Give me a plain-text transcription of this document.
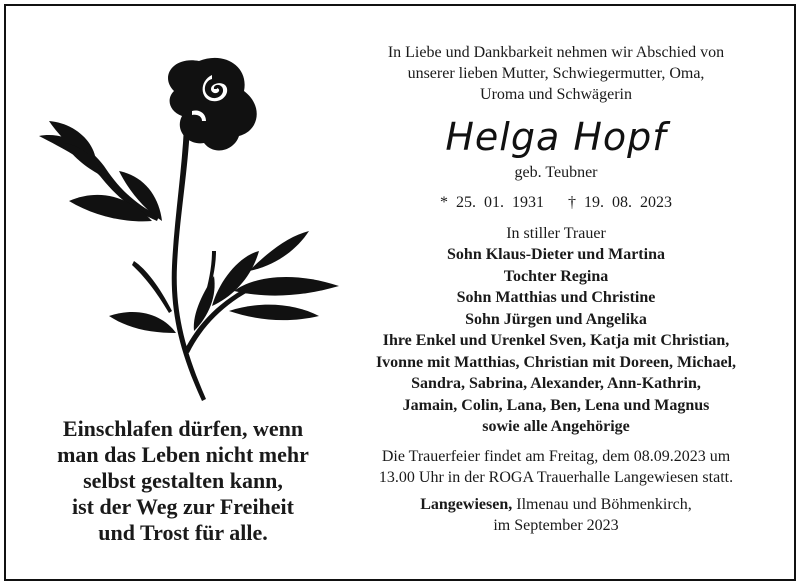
Einschlafen dürfen, wenn
man das Leben nicht mehr
selbst gestalten kann,
ist der Weg zur Freiheit
und Trost für alle.
In Liebe und Dankbarkeit nehmen wir Abschied von
unserer lieben Mutter, Schwiegermutter, Oma,
Uroma und Schwägerin
Helga Hopf
geb. Teubner
* 25. 01. 1931 † 19. 08. 2023
In stiller Trauer
Sohn Klaus-Dieter und Martina
Tochter Regina
Sohn Matthias und Christine
Sohn Jürgen und Angelika
Ihre Enkel und Urenkel Sven, Katja mit Christian,
Ivonne mit Matthias, Christian mit Doreen, Michael,
Sandra, Sabrina, Alexander, Ann-Kathrin,
Jamain, Colin, Lana, Ben, Lena und Magnus
sowie alle Angehörige
Die Trauerfeier findet am Freitag, dem 08.09.2023 um
13.00 Uhr in der ROGA Trauerhalle Langewiesen statt.
Langewiesen, Ilmenau und Böhmenkirch,
im September 2023
